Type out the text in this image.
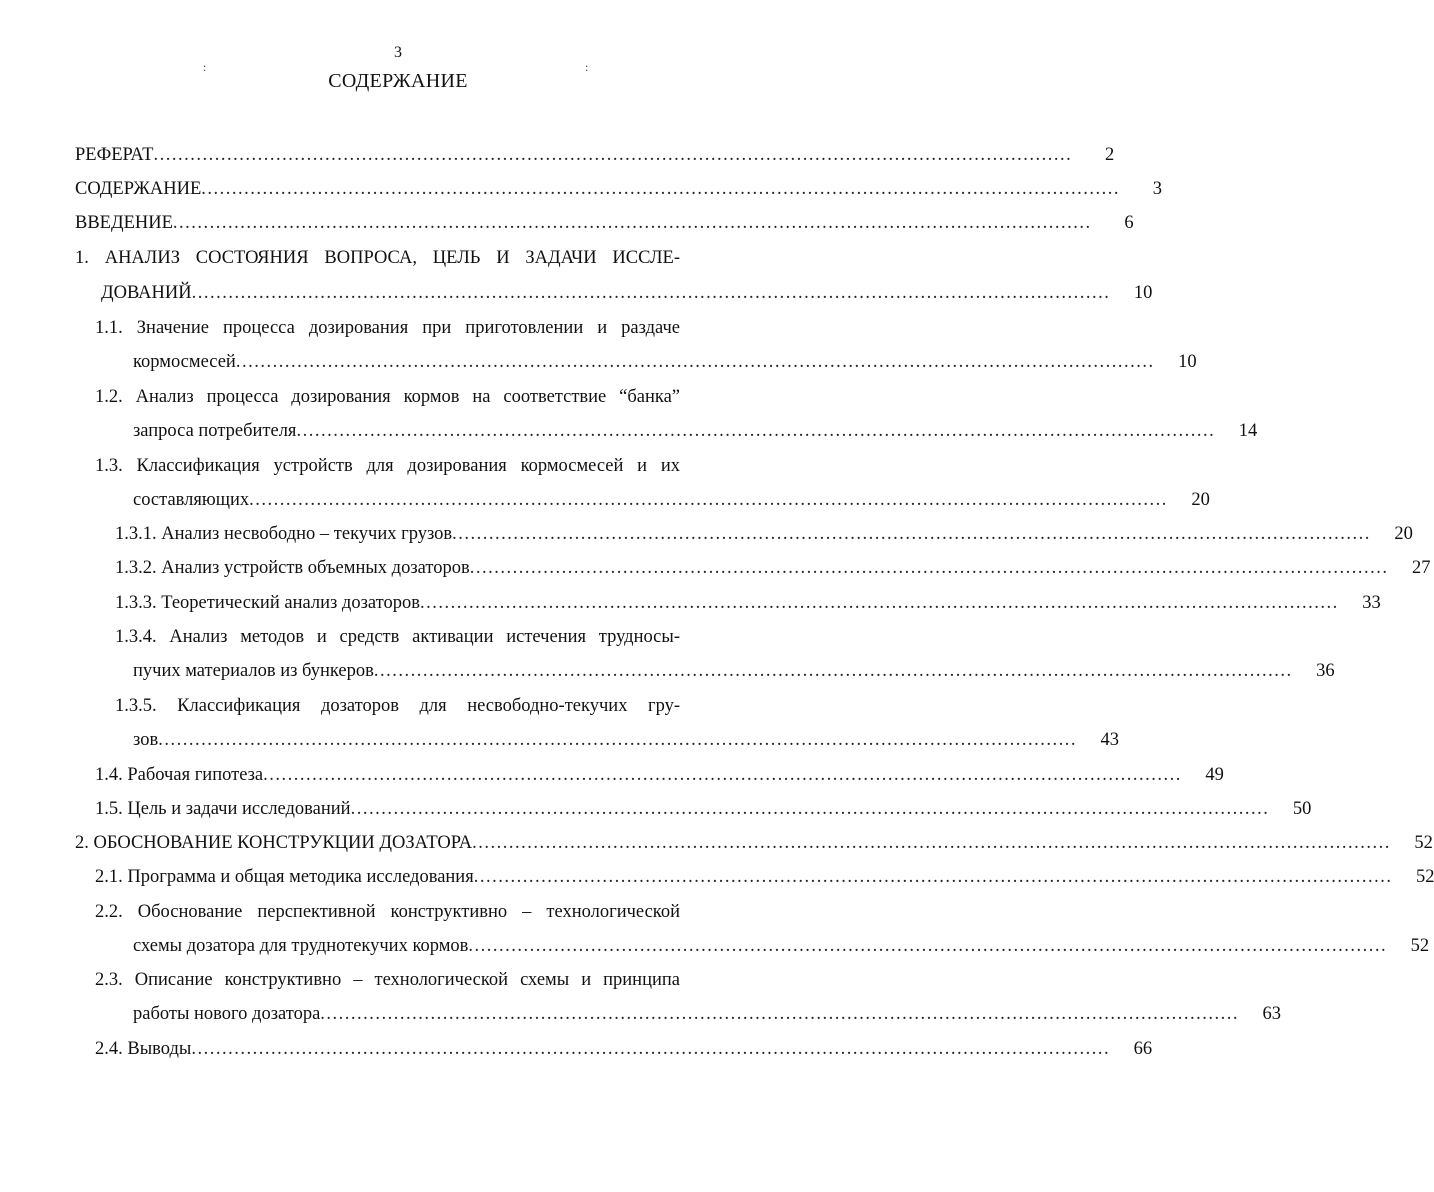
3
СОДЕРЖАНИЕ
:	:
РЕФЕРАТ ......................................................................................................................................................	2
СОДЕРЖАНИЕ ......................................................................................................................................................	3
ВВЕДЕНИЕ ......................................................................................................................................................	6
1. АНАЛИЗ СОСТОЯНИЯ ВОПРОСА, ЦЕЛЬ И ЗАДАЧИ ИССЛЕ-
ДОВАНИЙ ......................................................................................................................................................	10
1.1. Значение процесса дозирования при приготовлении и раздаче
кормосмесей ......................................................................................................................................................	10
1.2. Анализ процесса дозирования кормов на соответствие “банка”
запроса потребителя ......................................................................................................................................................	14
1.3. Классификация устройств для дозирования кормосмесей и их
составляющих ......................................................................................................................................................	20
1.3.1. Анализ несвободно – текучих грузов ......................................................................................................................................................	20
1.3.2. Анализ устройств объемных дозаторов ......................................................................................................................................................	27
1.3.3. Теоретический анализ дозаторов ......................................................................................................................................................	33
1.3.4. Анализ методов и средств активации истечения трудносы-
пучих материалов из бункеров ......................................................................................................................................................	36
1.3.5. Классификация дозаторов для несвободно-текучих гру-
зов ......................................................................................................................................................	43
1.4. Рабочая гипотеза ......................................................................................................................................................	49
1.5. Цель и задачи исследований ......................................................................................................................................................	50
2. ОБОСНОВАНИЕ КОНСТРУКЦИИ ДОЗАТОРА ......................................................................................................................................................	52
2.1. Программа и общая методика исследования ......................................................................................................................................................	52
2.2. Обоснование перспективной конструктивно – технологической
схемы дозатора для труднотекучих кормов ......................................................................................................................................................	52
2.3. Описание конструктивно – технологической схемы и принципа
работы нового дозатора ......................................................................................................................................................	63
2.4. Выводы ......................................................................................................................................................	66
